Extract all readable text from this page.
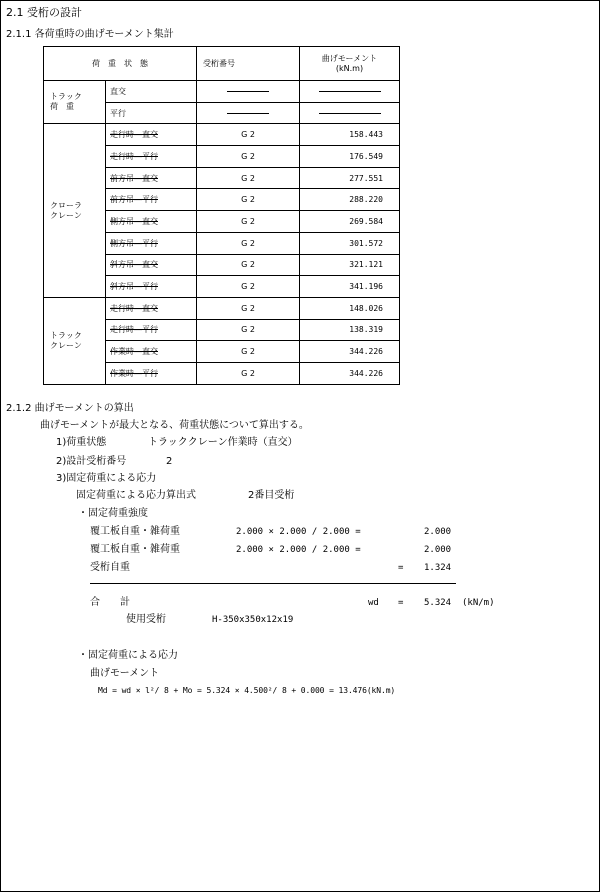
2.1 受桁の設計
2.1.1 各荷重時の曲げモーメント集計
荷　重　状　態		受桁番号	曲げモーメント
(kN.m)

トラック
荷　重	直交		
	平行		
クローラ
クレーン	走行時―直交	G 2	158.443
	走行時―平行	G 2	176.549
	前方吊―直交	G 2	277.551
	前方吊―平行	G 2	288.220
	側方吊―直交	G 2	269.584
	側方吊―平行	G 2	301.572
	斜方吊―直交	G 2	321.121
	斜方吊―平行	G 2	341.196
トラック
クレーン	走行時―直交	G 2	148.026
	走行時―平行	G 2	138.319
	作業時―直交	G 2	344.226
	作業時―平行	G 2	344.226
2.1.2 曲げモーメントの算出
曲げモーメントが最大となる、荷重状態について算出する。
1)荷重状態	トラッククレーン作業時（直交）
2)設計受桁番号	2
3)固定荷重による応力
固定荷重による応力算出式	2番目受桁
・固定荷重強度
覆工板自重・雑荷重	2.000 × 2.000 / 2.000 =	2.000
覆工板自重・雑荷重	2.000 × 2.000 / 2.000 =	2.000
受桁自重	= 1.324
合　　計	wd = 5.324 (kN/m)
使用受桁	H-350x350x12x19
・固定荷重による応力
曲げモーメント
Md = wd × l²/ 8 + Mo = 5.324 × 4.500²/ 8 + 0.000 = 13.476(kN.m)
